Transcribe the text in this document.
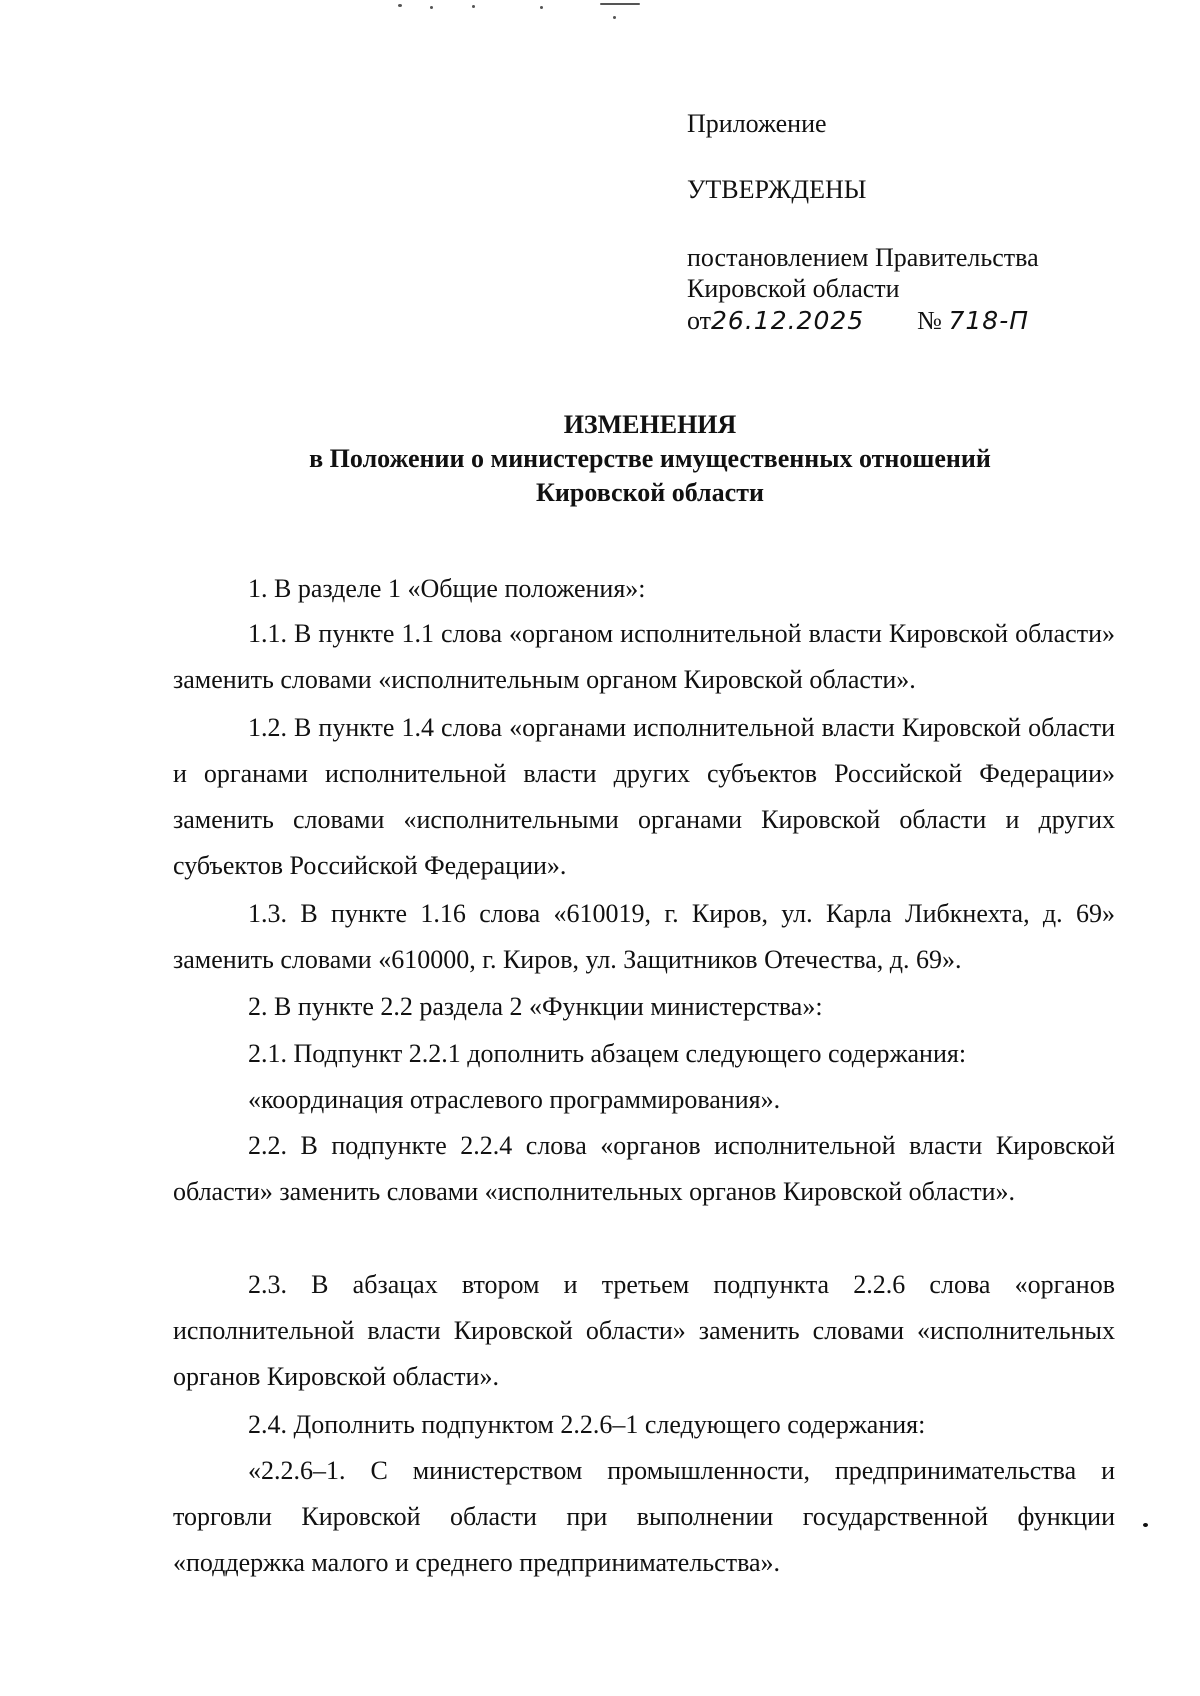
Приложение
УТВЕРЖДЕНЫ
постановлением Правительства
Кировской области
от26.12.2025 № 718-П
ИЗМЕНЕНИЯ
в Положении о министерстве имущественных отношений
Кировской области
1. В разделе 1 «Общие положения»:
1.1. В пункте 1.1 слова «органом исполнительной власти Кировской области» заменить словами «исполнительным органом Кировской области».
1.2. В пункте 1.4 слова «органами исполнительной власти Кировской области и органами исполнительной власти других субъектов Российской Федерации» заменить словами «исполнительными органами Кировской области и других субъектов Российской Федерации».
1.3. В пункте 1.16 слова «610019, г. Киров, ул. Карла Либкнехта, д. 69» заменить словами «610000, г. Киров, ул. Защитников Отечества, д. 69».
2. В пункте 2.2 раздела 2 «Функции министерства»:
2.1. Подпункт 2.2.1 дополнить абзацем следующего содержания:
«координация отраслевого программирования».
2.2. В подпункте 2.2.4 слова «органов исполнительной власти Кировской области» заменить словами «исполнительных органов Кировской области».
2.3. В абзацах втором и третьем подпункта 2.2.6 слова «органов исполнительной власти Кировской области» заменить словами «исполнительных органов Кировской области».
2.4. Дополнить подпунктом 2.2.6–1 следующего содержания:
«2.2.6–1. С министерством промышленности, предпринимательства и торговли Кировской области при выполнении государственной функции «поддержка малого и среднего предпринимательства».
